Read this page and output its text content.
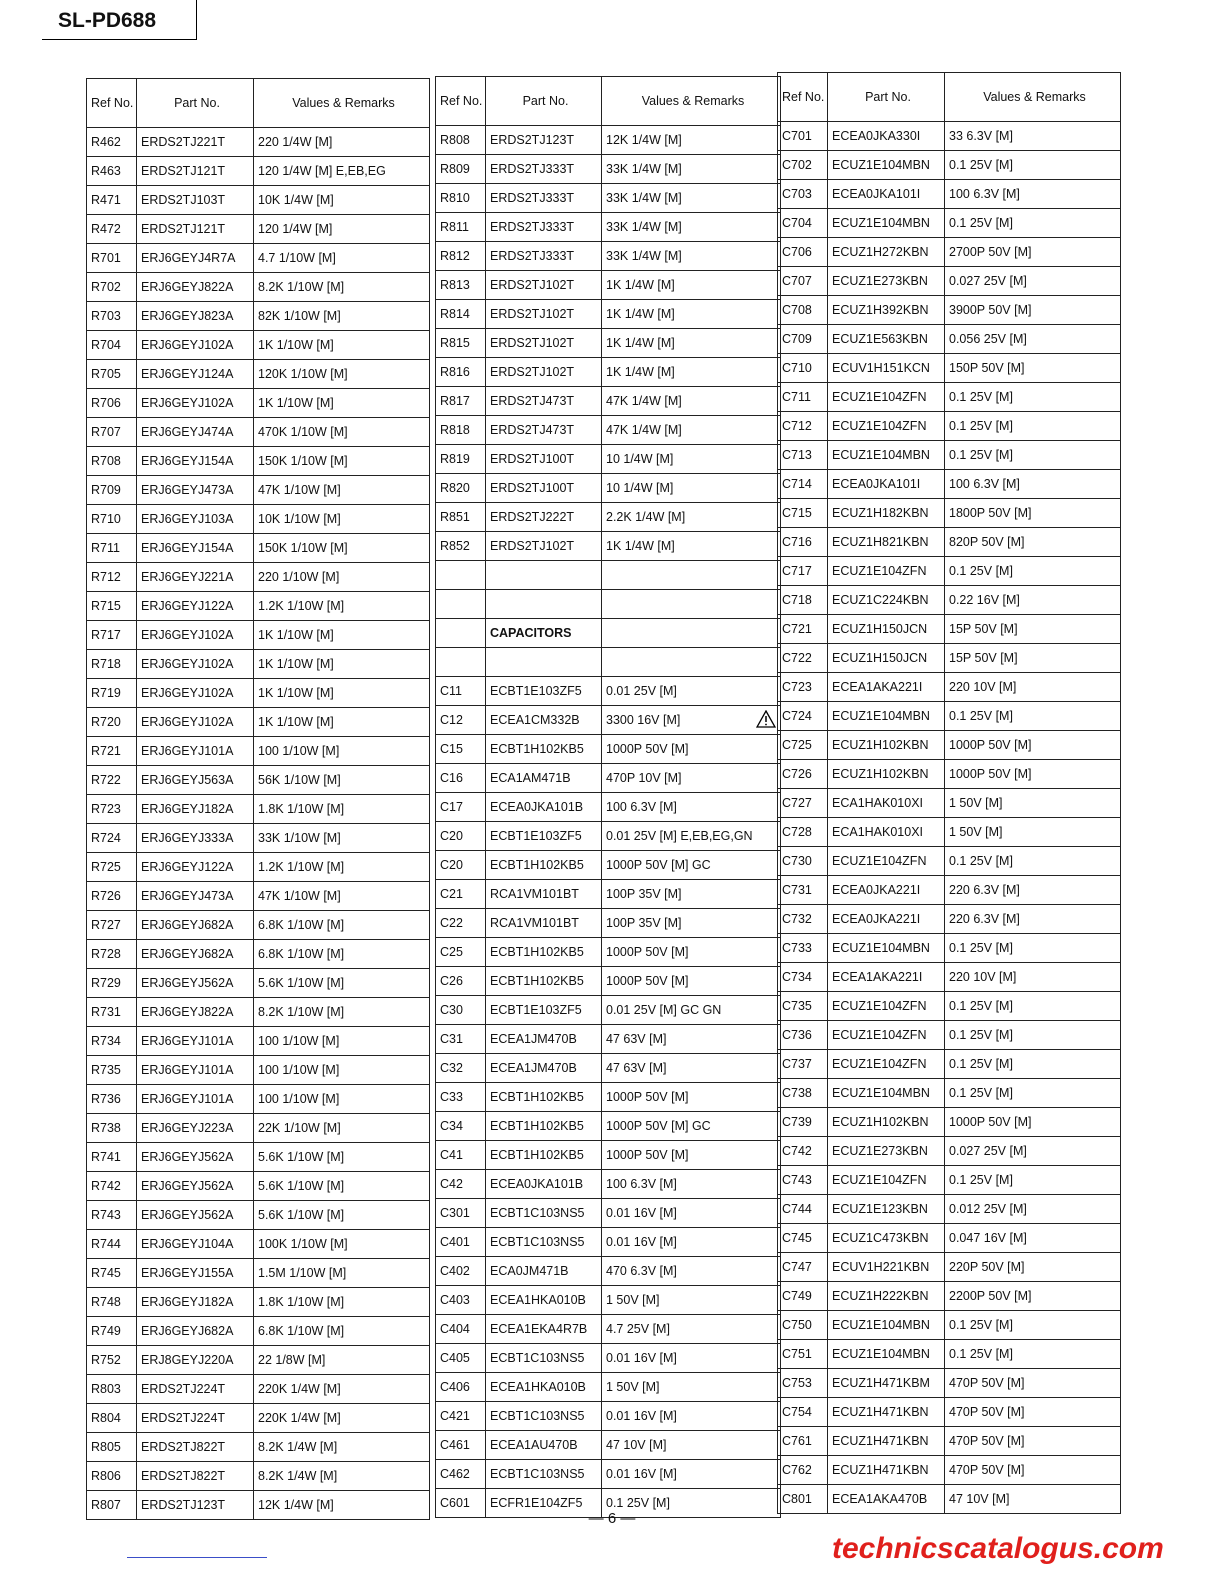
SL-PD688
Ref No.	Part No.	Values & Remarks
R462	ERDS2TJ221T	220 1/4W [M]
R463	ERDS2TJ121T	120 1/4W [M] E,EB,EG
R471	ERDS2TJ103T	10K 1/4W [M]
R472	ERDS2TJ121T	120 1/4W [M]
R701	ERJ6GEYJ4R7A	4.7 1/10W [M]
R702	ERJ6GEYJ822A	8.2K 1/10W [M]
R703	ERJ6GEYJ823A	82K 1/10W [M]
R704	ERJ6GEYJ102A	1K 1/10W [M]
R705	ERJ6GEYJ124A	120K 1/10W [M]
R706	ERJ6GEYJ102A	1K 1/10W [M]
R707	ERJ6GEYJ474A	470K 1/10W [M]
R708	ERJ6GEYJ154A	150K 1/10W [M]
R709	ERJ6GEYJ473A	47K 1/10W [M]
R710	ERJ6GEYJ103A	10K 1/10W [M]
R711	ERJ6GEYJ154A	150K 1/10W [M]
R712	ERJ6GEYJ221A	220 1/10W [M]
R715	ERJ6GEYJ122A	1.2K 1/10W [M]
R717	ERJ6GEYJ102A	1K 1/10W [M]
R718	ERJ6GEYJ102A	1K 1/10W [M]
R719	ERJ6GEYJ102A	1K 1/10W [M]
R720	ERJ6GEYJ102A	1K 1/10W [M]
R721	ERJ6GEYJ101A	100 1/10W [M]
R722	ERJ6GEYJ563A	56K 1/10W [M]
R723	ERJ6GEYJ182A	1.8K 1/10W [M]
R724	ERJ6GEYJ333A	33K 1/10W [M]
R725	ERJ6GEYJ122A	1.2K 1/10W [M]
R726	ERJ6GEYJ473A	47K 1/10W [M]
R727	ERJ6GEYJ682A	6.8K 1/10W [M]
R728	ERJ6GEYJ682A	6.8K 1/10W [M]
R729	ERJ6GEYJ562A	5.6K 1/10W [M]
R731	ERJ6GEYJ822A	8.2K 1/10W [M]
R734	ERJ6GEYJ101A	100 1/10W [M]
R735	ERJ6GEYJ101A	100 1/10W [M]
R736	ERJ6GEYJ101A	100 1/10W [M]
R738	ERJ6GEYJ223A	22K 1/10W [M]
R741	ERJ6GEYJ562A	5.6K 1/10W [M]
R742	ERJ6GEYJ562A	5.6K 1/10W [M]
R743	ERJ6GEYJ562A	5.6K 1/10W [M]
R744	ERJ6GEYJ104A	100K 1/10W [M]
R745	ERJ6GEYJ155A	1.5M 1/10W [M]
R748	ERJ6GEYJ182A	1.8K 1/10W [M]
R749	ERJ6GEYJ682A	6.8K 1/10W [M]
R752	ERJ8GEYJ220A	22 1/8W [M]
R803	ERDS2TJ224T	220K 1/4W [M]
R804	ERDS2TJ224T	220K 1/4W [M]
R805	ERDS2TJ822T	8.2K 1/4W [M]
R806	ERDS2TJ822T	8.2K 1/4W [M]
R807	ERDS2TJ123T	12K 1/4W [M]
Ref No.	Part No.	Values & Remarks
R808	ERDS2TJ123T	12K 1/4W [M]
R809	ERDS2TJ333T	33K 1/4W [M]
R810	ERDS2TJ333T	33K 1/4W [M]
R811	ERDS2TJ333T	33K 1/4W [M]
R812	ERDS2TJ333T	33K 1/4W [M]
R813	ERDS2TJ102T	1K 1/4W [M]
R814	ERDS2TJ102T	1K 1/4W [M]
R815	ERDS2TJ102T	1K 1/4W [M]
R816	ERDS2TJ102T	1K 1/4W [M]
R817	ERDS2TJ473T	47K 1/4W [M]
R818	ERDS2TJ473T	47K 1/4W [M]
R819	ERDS2TJ100T	10 1/4W [M]
R820	ERDS2TJ100T	10 1/4W [M]
R851	ERDS2TJ222T	2.2K 1/4W [M]
R852	ERDS2TJ102T	1K 1/4W [M]

	CAPACITORS	

C11	ECBT1E103ZF5	0.01 25V [M]
C12	ECEA1CM332B	3300 16V [M]

C15	ECBT1H102KB5	1000P 50V [M]
C16	ECA1AM471B	470P 10V [M]
C17	ECEA0JKA101B	100 6.3V [M]
C20	ECBT1E103ZF5	0.01 25V [M] E,EB,EG,GN
C20	ECBT1H102KB5	1000P 50V [M] GC
C21	RCA1VM101BT	100P 35V [M]
C22	RCA1VM101BT	100P 35V [M]
C25	ECBT1H102KB5	1000P 50V [M]
C26	ECBT1H102KB5	1000P 50V [M]
C30	ECBT1E103ZF5	0.01 25V [M] GC GN
C31	ECEA1JM470B	47 63V [M]
C32	ECEA1JM470B	47 63V [M]
C33	ECBT1H102KB5	1000P 50V [M]
C34	ECBT1H102KB5	1000P 50V [M] GC
C41	ECBT1H102KB5	1000P 50V [M]
C42	ECEA0JKA101B	100 6.3V [M]
C301	ECBT1C103NS5	0.01 16V [M]
C401	ECBT1C103NS5	0.01 16V [M]
C402	ECA0JM471B	470 6.3V [M]
C403	ECEA1HKA010B	1 50V [M]
C404	ECEA1EKA4R7B	4.7 25V [M]
C405	ECBT1C103NS5	0.01 16V [M]
C406	ECEA1HKA010B	1 50V [M]
C421	ECBT1C103NS5	0.01 16V [M]
C461	ECEA1AU470B	47 10V [M]
C462	ECBT1C103NS5	0.01 16V [M]
C601	ECFR1E104ZF5	0.1 25V [M]
Ref No.	Part No.	Values & Remarks
C701	ECEA0JKA330I	33 6.3V [M]
C702	ECUZ1E104MBN	0.1 25V [M]
C703	ECEA0JKA101I	100 6.3V [M]
C704	ECUZ1E104MBN	0.1 25V [M]
C706	ECUZ1H272KBN	2700P 50V [M]
C707	ECUZ1E273KBN	0.027 25V [M]
C708	ECUZ1H392KBN	3900P 50V [M]
C709	ECUZ1E563KBN	0.056 25V [M]
C710	ECUV1H151KCN	150P 50V [M]
C711	ECUZ1E104ZFN	0.1 25V [M]
C712	ECUZ1E104ZFN	0.1 25V [M]
C713	ECUZ1E104MBN	0.1 25V [M]
C714	ECEA0JKA101I	100 6.3V [M]
C715	ECUZ1H182KBN	1800P 50V [M]
C716	ECUZ1H821KBN	820P 50V [M]
C717	ECUZ1E104ZFN	0.1 25V [M]
C718	ECUZ1C224KBN	0.22 16V [M]
C721	ECUZ1H150JCN	15P 50V [M]
C722	ECUZ1H150JCN	15P 50V [M]
C723	ECEA1AKA221I	220 10V [M]
C724	ECUZ1E104MBN	0.1 25V [M]
C725	ECUZ1H102KBN	1000P 50V [M]
C726	ECUZ1H102KBN	1000P 50V [M]
C727	ECA1HAK010XI	1 50V [M]
C728	ECA1HAK010XI	1 50V [M]
C730	ECUZ1E104ZFN	0.1 25V [M]
C731	ECEA0JKA221I	220 6.3V [M]
C732	ECEA0JKA221I	220 6.3V [M]
C733	ECUZ1E104MBN	0.1 25V [M]
C734	ECEA1AKA221I	220 10V [M]
C735	ECUZ1E104ZFN	0.1 25V [M]
C736	ECUZ1E104ZFN	0.1 25V [M]
C737	ECUZ1E104ZFN	0.1 25V [M]
C738	ECUZ1E104MBN	0.1 25V [M]
C739	ECUZ1H102KBN	1000P 50V [M]
C742	ECUZ1E273KBN	0.027 25V [M]
C743	ECUZ1E104ZFN	0.1 25V [M]
C744	ECUZ1E123KBN	0.012 25V [M]
C745	ECUZ1C473KBN	0.047 16V [M]
C747	ECUV1H221KBN	220P 50V [M]
C749	ECUZ1H222KBN	2200P 50V [M]
C750	ECUZ1E104MBN	0.1 25V [M]
C751	ECUZ1E104MBN	0.1 25V [M]
C753	ECUZ1H471KBM	470P 50V [M]
C754	ECUZ1H471KBN	470P 50V [M]
C761	ECUZ1H471KBN	470P 50V [M]
C762	ECUZ1H471KBN	470P 50V [M]
C801	ECEA1AKA470B	47 10V [M]
— 6 —
technicscatalogus.com
